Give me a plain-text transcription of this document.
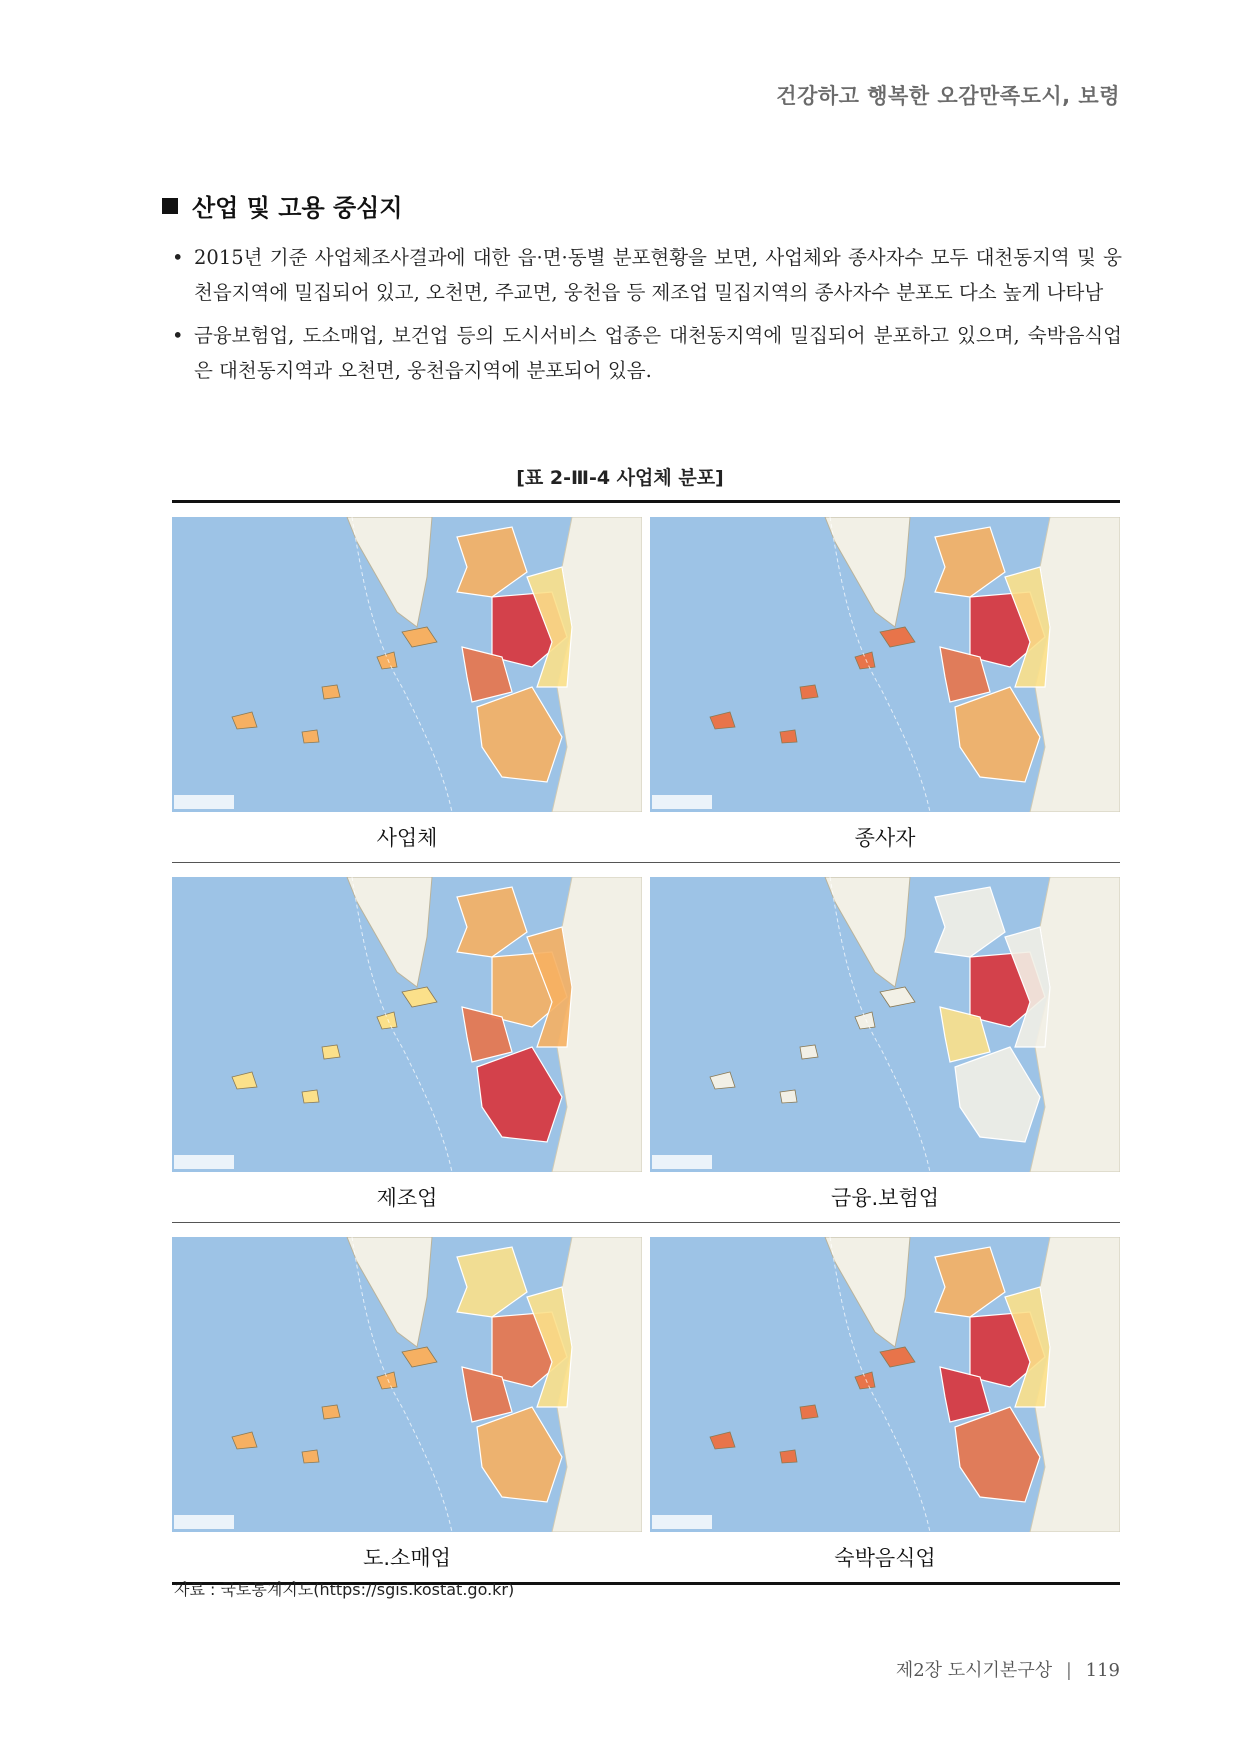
건강하고 행복한 오감만족도시, 보령
산업 및 고용 중심지
• 2015년 기준 사업체조사결과에 대한 읍·면·동별 분포현황을 보면, 사업체와 종사자수 모두 대천동지역 및 웅천읍지역에 밀집되어 있고, 오천면, 주교면, 웅천읍 등 제조업 밀집지역의 종사자수 분포도 다소 높게 나타남
• 금융보험업, 도소매업, 보건업 등의 도시서비스 업종은 대천동지역에 밀집되어 분포하고 있으며, 숙박음식업은 대천동지역과 오천면, 웅천읍지역에 분포되어 있음.
[표 2-Ⅲ-4 사업체 분포]
사업체	종사자
제조업	금융.보험업
도.소매업	숙박음식업
자료 : 국토통계지도(https://sgis.kostat.go.kr)
제2장 도시기본구상 | 119
